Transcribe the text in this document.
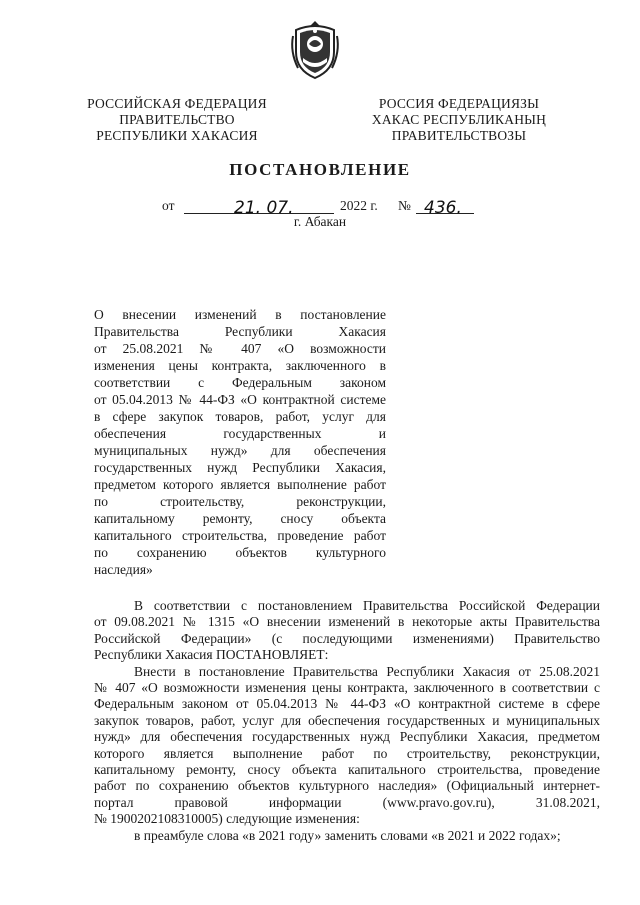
РОССИЙСКАЯ ФЕДЕРАЦИЯ
ПРАВИТЕЛЬСТВО
РЕСПУБЛИКИ ХАКАСИЯ
РОССИЯ ФЕДЕРАЦИЯЗЫ
ХАКАС РЕСПУБЛИКАНЫҢ
ПРАВИТЕЛЬСТВОЗЫ
ПОСТАНОВЛЕНИЕ
от	21. 07.	2022 г. № 436.
г. Абакан
О внесении изменений в постановление
Правительства Республики Хакасия
от 25.08.2021 № 407 «О возможности
изменения цены контракта, заключенного в
соответствии с Федеральным законом
от 05.04.2013 № 44-ФЗ «О контрактной системе
в сфере закупок товаров, работ, услуг для
обеспечения государственных и
муниципальных нужд» для обеспечения
государственных нужд Республики Хакасия,
предметом которого является выполнение работ
по строительству, реконструкции,
капитальному ремонту, сносу объекта
капитального строительства, проведение работ
по сохранению объектов культурного
наследия»
В соответствии с постановлением Правительства Российской Федерации
от 09.08.2021 № 1315 «О внесении изменений в некоторые акты Правительства
Российской Федерации» (с последующими изменениями) Правительство
Республики Хакасия ПОСТАНОВЛЯЕТ:
Внести в постановление Правительства Республики Хакасия от 25.08.2021
№ 407 «О возможности изменения цены контракта, заключенного в соответствии с
Федеральным законом от 05.04.2013 № 44-ФЗ «О контрактной системе в сфере
закупок товаров, работ, услуг для обеспечения государственных и муниципальных
нужд» для обеспечения государственных нужд Республики Хакасия, предметом
которого является выполнение работ по строительству, реконструкции,
капитальному ремонту, сносу объекта капитального строительства, проведение
работ по сохранению объектов культурного наследия» (Официальный интернет-
портал правовой информации (www.pravo.gov.ru), 31.08.2021,
№ 1900202108310005) следующие изменения:
в преамбуле слова «в 2021 году» заменить словами «в 2021 и 2022 годах»;
